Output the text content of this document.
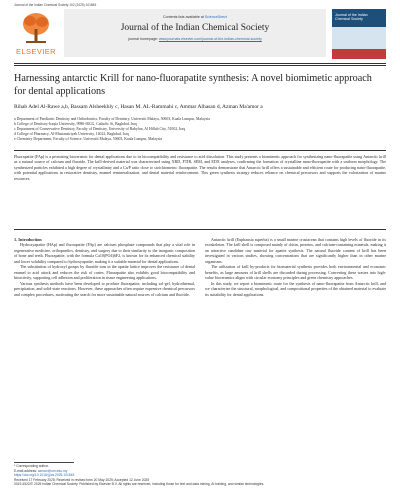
Journal of the Indian Chemical Society 102 (2025) 101845
ELSEVIER
Contents lists available at ScienceDirect
Journal of the Indian Chemical Society
journal homepage: www.journals.elsevier.com/journal-of-the-indian-chemical-society
Journal of the Indian Chemical Society
Harnessing antarctic Krill for nano-fluorapatite synthesis: A novel biomimetic approach for dental applications
Rihab Adel Al-Rawe a,b, Bassam Alsheekhly c, Hasan M. AL-Rammahi c, Ammar Alhasan d, Azman Ma'amor a

a Department of Paediatric Dentistry and Orthodontics, Faculty of Dentistry, Universiti Malaya, 50603, Kuala Lumpur, Malaysia

b College of Dentistry-Iraqia University, 9986+RGG, Catholic St, Baghdad, Iraq

c Department of Conservative Dentistry, Faculty of Dentistry, University of Babylon, Al Hillah City, 51002, Iraq

d College of Pharmacy, Al-Mustansiriyah University, 14022, Baghdad, Iraq

e Chemistry Department, Faculty of Science, Universiti Malaya, 50603, Kuala Lumpur, Malaysia

Fluorapatite (FAp) is a promising bioceramic for dental applications due to its biocompatibility and resistance to acid dissolution. This study presents a biomimetic approach for synthesizing nano-fluorapatite using Antarctic krill as a natural source of calcium and fluoride. The krill-derived material was characterized using XRD, FTIR, SEM, and EDX analyses, confirming the formation of crystalline nano-fluorapatite with a uniform morphology. The synthesized particles exhibited a high degree of crystallinity and a Ca/P ratio close to stoichiometric fluorapatite. The results demonstrate that Antarctic krill offers a sustainable and efficient route for producing nano-fluorapatite, with potential applications in restorative dentistry, enamel remineralization, and dental material reinforcement. This green synthesis strategy reduces reliance on chemical precursors and supports the valorization of marine resources.

1. Introduction

Hydroxyapatite (HAp) and fluorapatite (FAp) are calcium phosphate compounds that play a vital role in regenerative medicine, orthopaedics, dentistry, and surgery due to their similarity to the inorganic composition of bone and teeth. Fluorapatite, with the formula Ca10(PO4)6F2, is known for its enhanced chemical stability and lower solubility compared to hydroxyapatite, making it a suitable material for dental applications.

The substitution of hydroxyl groups by fluoride ions in the apatite lattice improves the resistance of dental enamel to acid attack and reduces the risk of caries. Fluorapatite also exhibits good biocompatibility and bioactivity, supporting cell adhesion and proliferation in tissue engineering applications.

Various synthesis methods have been developed to produce fluorapatite, including sol-gel, hydrothermal, precipitation, and solid-state reactions. However, these approaches often require expensive chemical precursors and complex procedures, motivating the search for more sustainable natural sources of calcium and fluoride.

Antarctic krill (Euphausia superba) is a small marine crustacean that contains high levels of fluoride in its exoskeleton. The krill shell is composed mainly of chitin, proteins, and calcium-containing minerals, making it an attractive candidate raw material for apatite synthesis. The natural fluoride content of krill has been investigated in various studies, showing concentrations that are significantly higher than in other marine organisms.

The utilization of krill by-products for biomaterial synthesis provides both environmental and economic benefits, as large amounts of krill shells are discarded during processing. Converting these wastes into high-value bioceramics aligns with circular economy principles and green chemistry approaches.

In this study, we report a biomimetic route for the synthesis of nano-fluorapatite from Antarctic krill, and we characterize the structural, morphological, and compositional properties of the obtained material to evaluate its suitability for dental applications.

* Corresponding author.

E-mail address: azman@um.edu.my

https://doi.org/10.1016/j.jics.2025.101845

Received 17 February 2025; Received in revised form 20 May 2025; Accepted 12 June 2025

0019-4522/© 2025 Indian Chemical Society. Published by Elsevier B.V. All rights are reserved, including those for text and data mining, AI training, and similar technologies.
